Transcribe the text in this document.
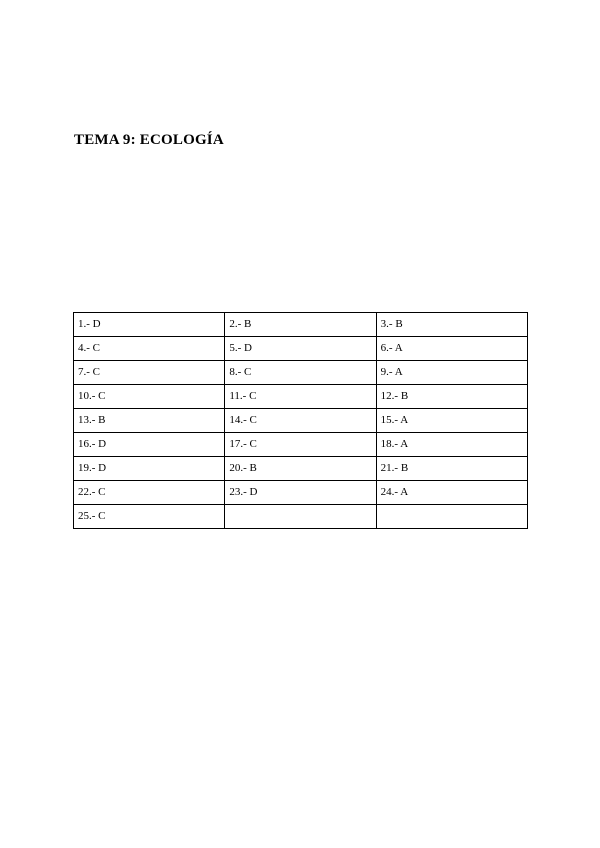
TEMA 9: ECOLOGÍA
1.- D	2.- B	3.- B
4.- C	5.- D	6.- A
7.- C	8.- C	9.- A
10.- C	11.- C	12.- B
13.- B	14.- C	15.- A
16.- D	17.- C	18.- A
19.- D	20.- B	21.- B
22.- C	23.- D	24.- A
25.- C		
